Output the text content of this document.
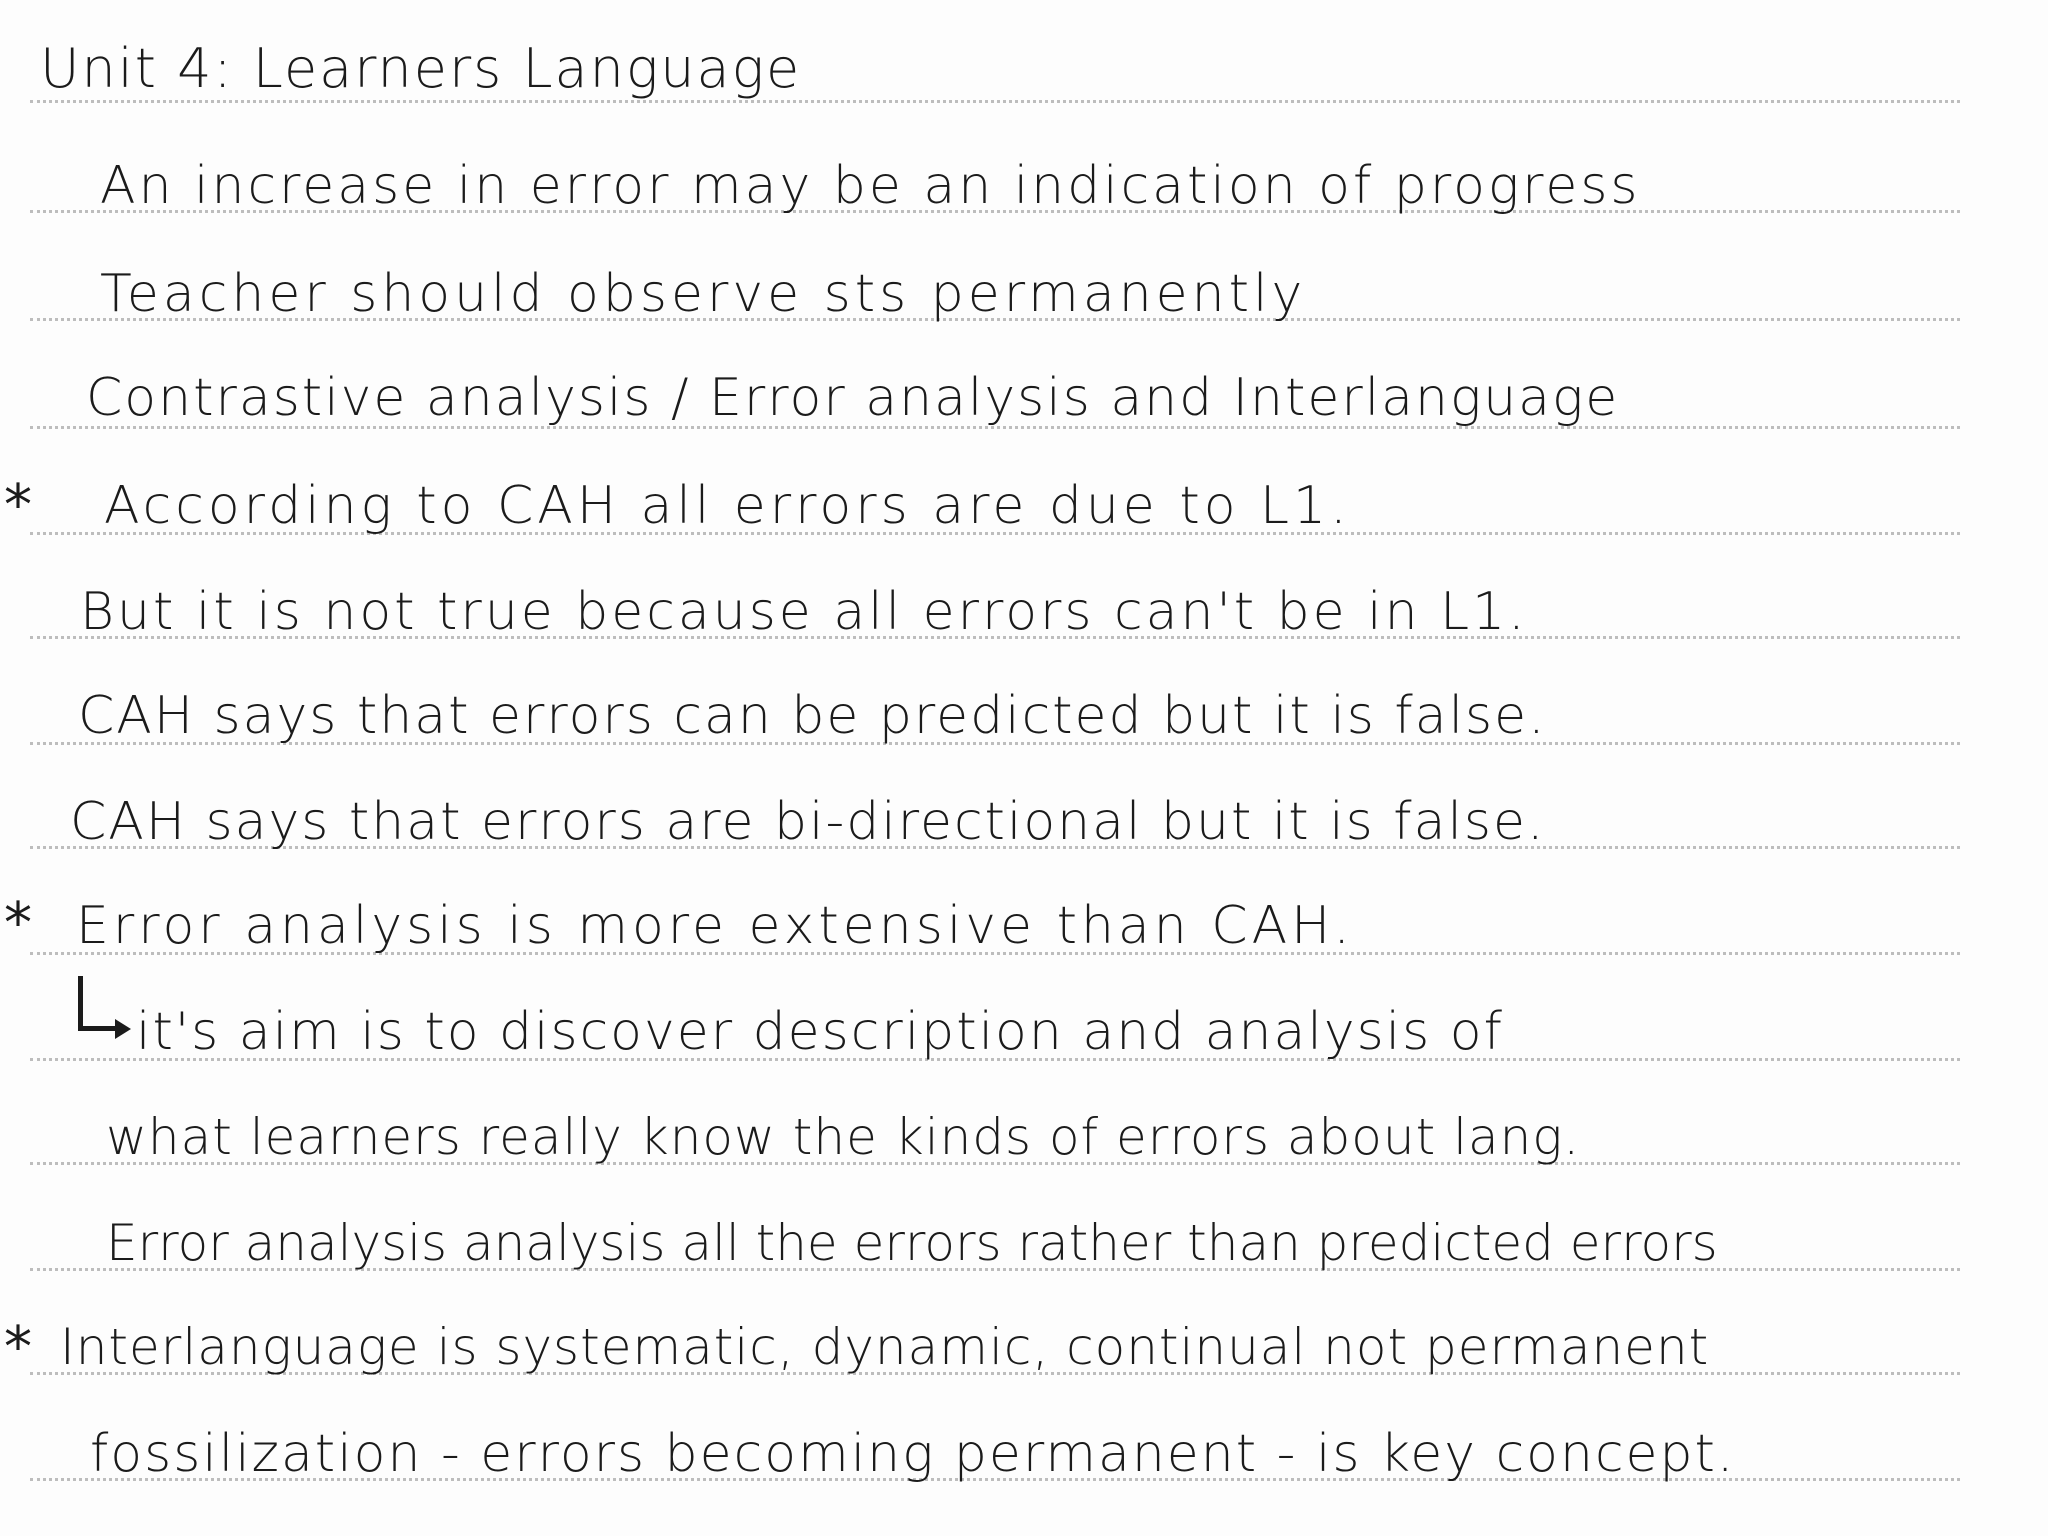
Unit 4: Learners Language
An increase in error may be an indication of progress
Teacher should observe sts permanently
Contrastive analysis / Error analysis and Interlanguage
* According to CAH all errors are due to L1.
But it is not true because all errors can't be in L1.
CAH says that errors can be predicted but it is false.
CAH says that errors are bi-directional but it is false.
* Error analysis is more extensive than CAH.
it's aim is to discover description and analysis of
what learners really know the kinds of errors about lang.
Error analysis analysis all the errors rather than predicted errors
* Interlanguage is systematic, dynamic, continual not permanent
fossilization - errors becoming permanent - is key concept.
